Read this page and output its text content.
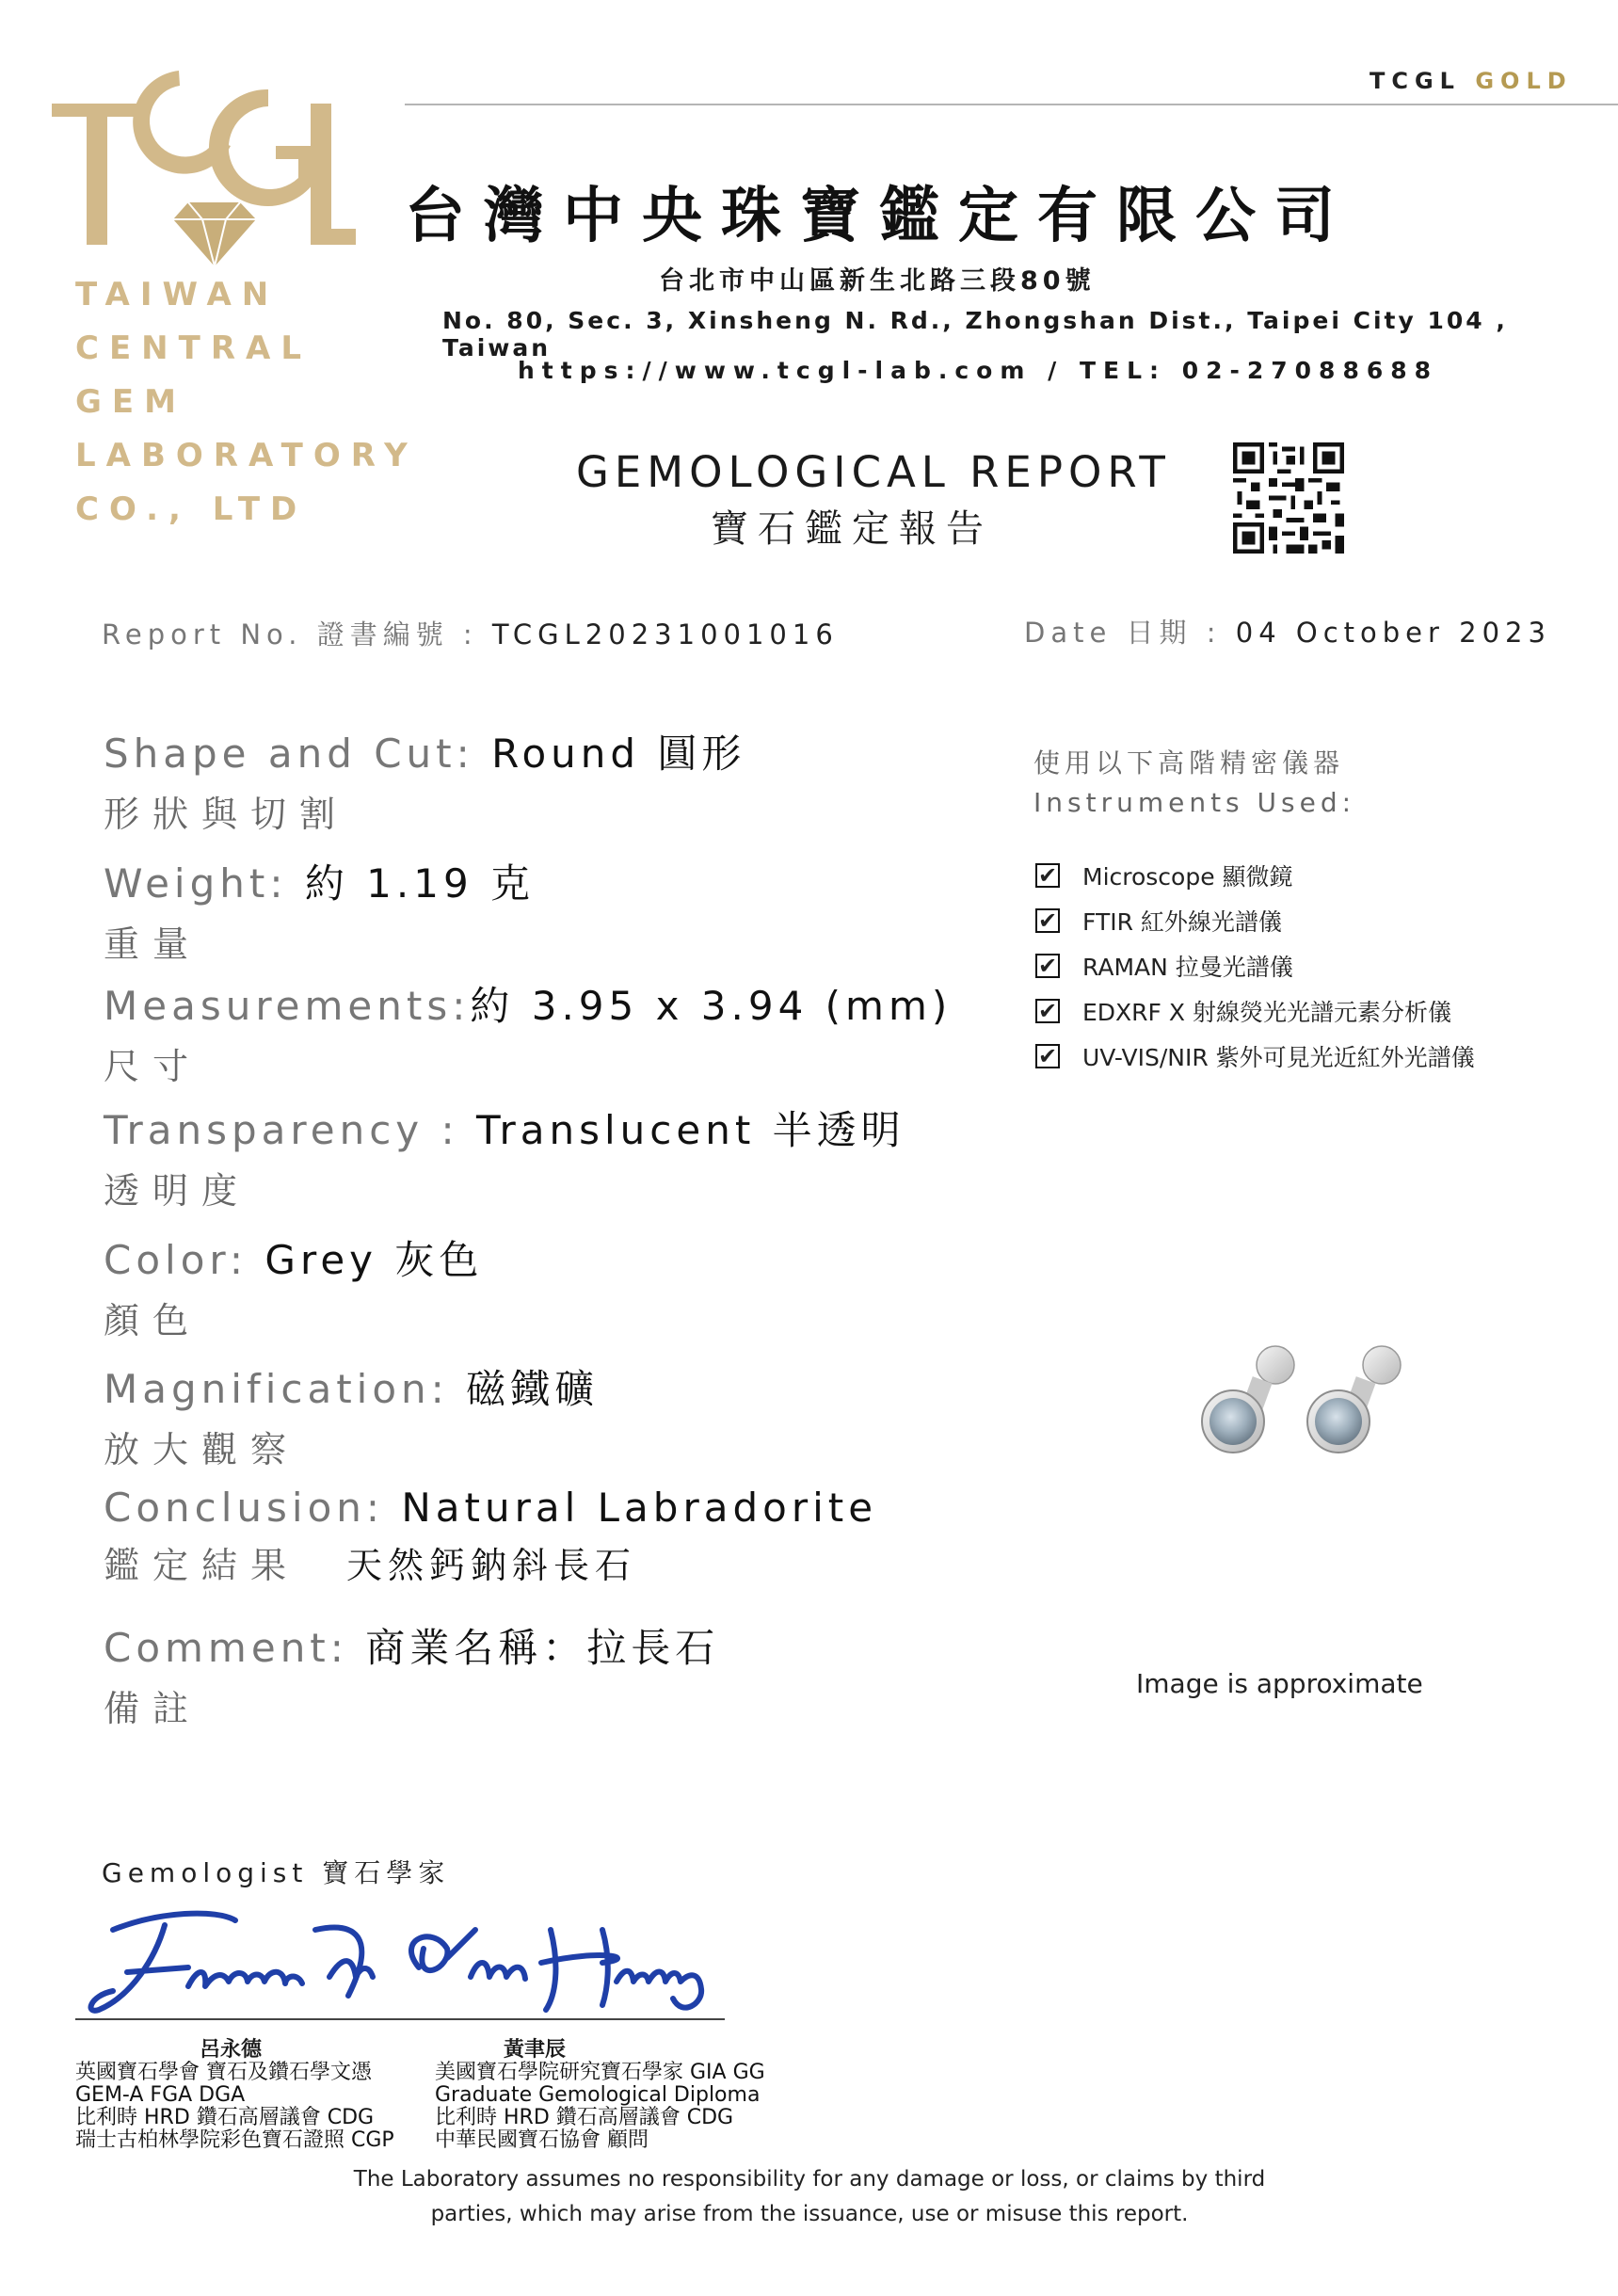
TAIWAN
CENTRAL
GEM
LABORATORY
CO., LTD
TCGL GOLD
台灣中央珠寶鑑定有限公司
台北市中山區新生北路三段80號
No. 80, Sec. 3, Xinsheng N. Rd., Zhongshan Dist., Taipei City 104 , Taiwan
https://www.tcgl-lab.com / TEL: 02-27088688
GEMOLOGICAL REPORT
寶石鑑定報告
Report No. 證書編號 : TCGL20231001016	Date 日期 : 04 October 2023
Shape and Cut: Round 圓形
形狀與切割
Weight: 約 1.19 克
重量
Measurements:約 3.95 x 3.94 (mm)
尺寸
Transparency : Translucent 半透明
透明度
Color: Grey 灰色
顏色
Magnification: 磁鐵礦
放大觀察
Conclusion: Natural Labradorite
鑑定結果 天然鈣鈉斜長石
Comment: 商業名稱：拉長石
備註
使用以下高階精密儀器
Instruments Used:
✔ Microscope 顯微鏡
✔ FTIR 紅外線光譜儀
✔ RAMAN 拉曼光譜儀
✔ EDXRF X 射線熒光光譜元素分析儀
✔ UV-VIS/NIR 紫外可見光近紅外光譜儀
Image is approximate
Gemologist 寶石學家
呂永德	黃聿辰
英國寶石學會 寶石及鑽石學文憑
GEM-A FGA DGA
比利時 HRD 鑽石高層議會 CDG
瑞士古柏林學院彩色寶石證照 CGP
美國寶石學院研究寶石學家 GIA GG
Graduate Gemological Diploma
比利時 HRD 鑽石高層議會 CDG
中華民國寶石協會 顧問
The Laboratory assumes no responsibility for any damage or loss, or claims by third
parties, which may arise from the issuance, use or misuse this report.
